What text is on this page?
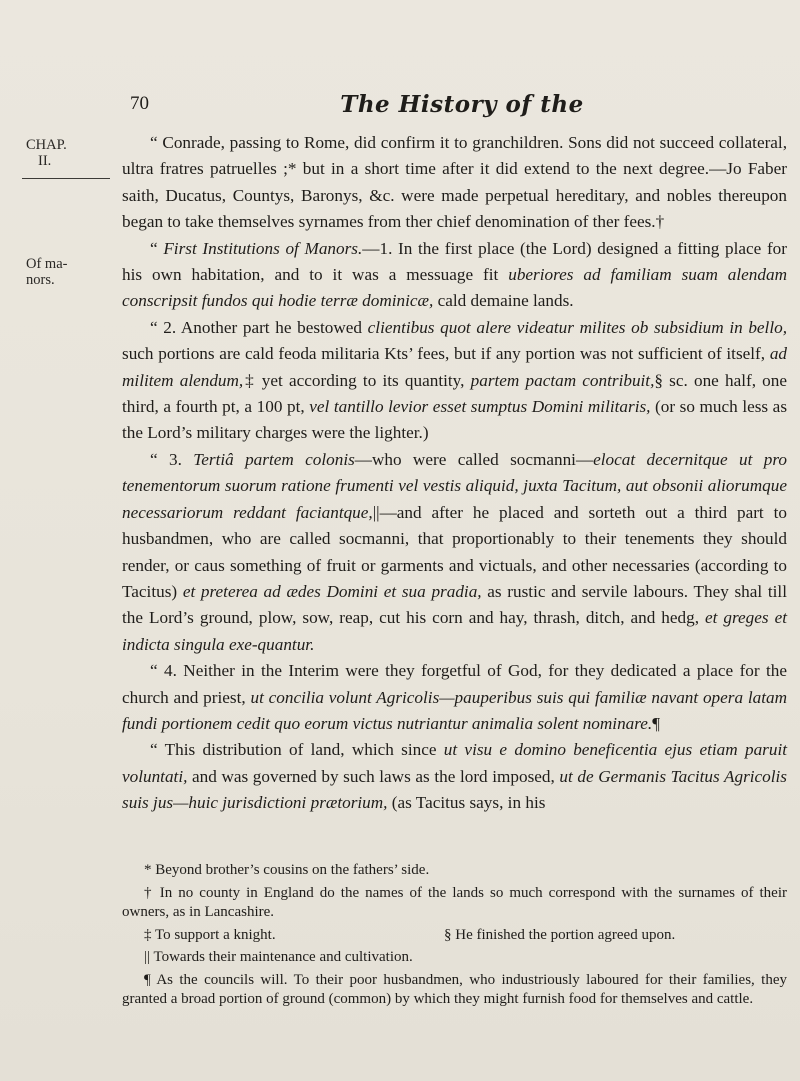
70	The History of the
CHAP.
II.
Of ma-
nors.

“ Conrade, passing to Rome, did confirm it to granchildren. Sons did not succeed collateral, ultra fratres patruelles ;* but in a short time after it did extend to the next degree.—Jo Faber saith, Ducatus, Countys, Baronys, &c. were made perpetual hereditary, and nobles thereupon began to take themselves syrnames from ther chief denomination of ther fees.†

“ First Institutions of Manors.—1. In the first place (the Lord) designed a fitting place for his own habitation, and to it was a messuage fit uberiores ad familiam suam alendam conscripsit fundos qui hodie terræ dominicæ, cald demaine lands.

“ 2. Another part he bestowed clientibus quot alere videatur milites ob subsidium in bello, such portions are cald feoda militaria Kts’ fees, but if any portion was not sufficient of itself, ad militem alendum,‡ yet according to its quantity, partem pactam contribuit,§ sc. one half, one third, a fourth pt, a 100 pt, vel tantillo levior esset sumptus Domini militaris, (or so much less as the Lord’s military charges were the lighter.)

“ 3. Tertiâ partem colonis—who were called socmanni—elocat decernitque ut pro tenementorum suorum ratione frumenti vel vestis aliquid, juxta Tacitum, aut obsonii aliorumque necessariorum reddant faciantque,||—and after he placed and sorteth out a third part to husbandmen, who are called socmanni, that proportionably to their tenements they should render, or caus something of fruit or garments and victuals, and other necessaries (according to Tacitus) et preterea ad ædes Domini et sua pradia, as rustic and servile labours. They shal till the Lord’s ground, plow, sow, reap, cut his corn and hay, thrash, ditch, and hedg, et greges et indicta singula exe-quantur.

“ 4. Neither in the Interim were they forgetful of God, for they dedicated a place for the church and priest, ut concilia volunt Agricolis—pauperibus suis qui familiæ navant opera latam fundi portionem cedit quo eorum victus nutriantur animalia solent nominare.¶

“ This distribution of land, which since ut visu e domino beneficentia ejus etiam paruit voluntati, and was governed by such laws as the lord imposed, ut de Germanis Tacitus Agricolis suis jus—huic jurisdictioni prætorium, (as Tacitus says, in his

* Beyond brother’s cousins on the fathers’ side.

† In no county in England do the names of the lands so much correspond with the surnames of their owners, as in Lancashire.

‡ To support a knight.	§ He finished the portion agreed upon.

|| Towards their maintenance and cultivation.

¶ As the councils will. To their poor husbandmen, who industriously laboured for their families, they granted a broad portion of ground (common) by which they might furnish food for themselves and cattle.
